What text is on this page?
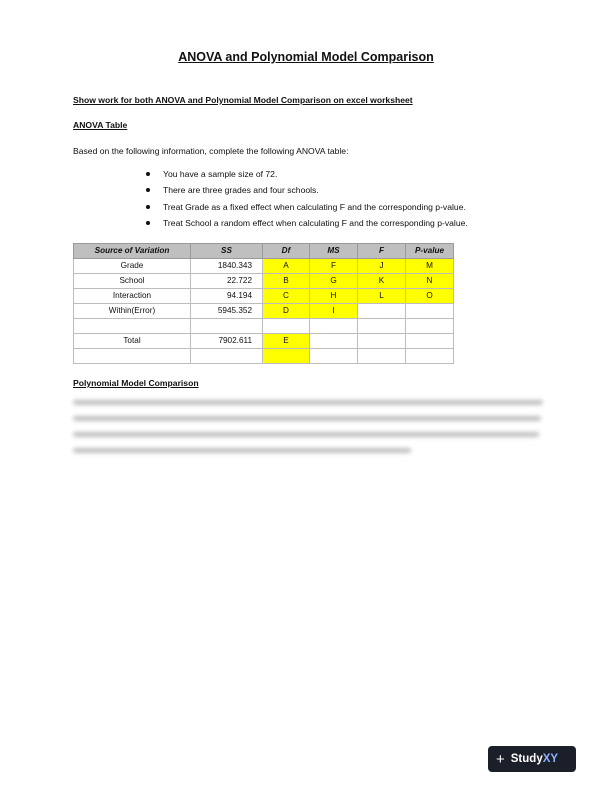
ANOVA and Polynomial Model Comparison
Show work for both ANOVA and Polynomial Model Comparison on excel worksheet
ANOVA Table
Based on the following information, complete the following ANOVA table:
You have a sample size of 72.
There are three grades and four schools.
Treat Grade as a fixed effect when calculating F and the corresponding p-value.
Treat School a random effect when calculating F and the corresponding p-value.
Source of Variation	SS	Df	MS	F	P-value
Grade	1840.343	A	F	J	M
School	22.722	B	G	K	N
Interaction	94.194	C	H	L	O
Within(Error)	5945.352	D	I		

Total	7902.611	E			

Polynomial Model Comparison
+ StudyXY
